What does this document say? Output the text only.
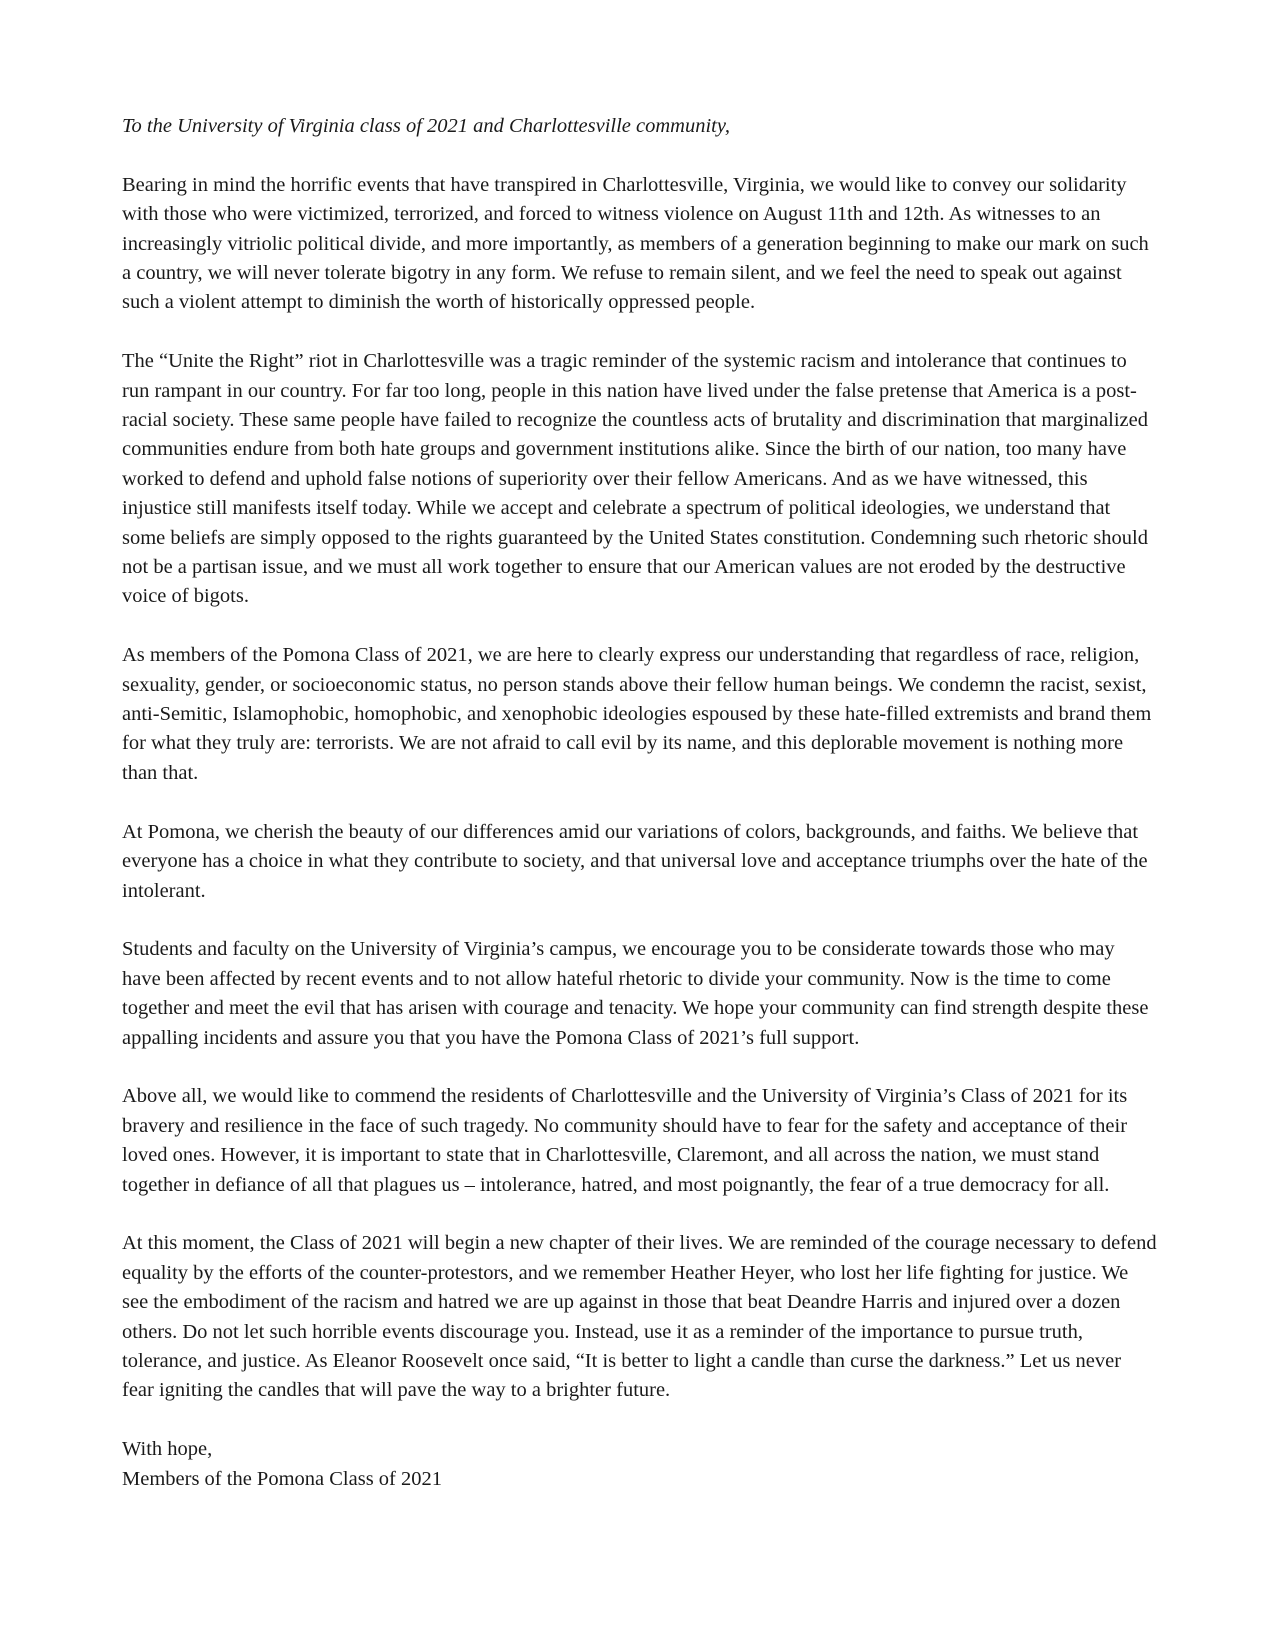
To the University of Virginia class of 2021 and Charlottesville community,

Bearing in mind the horrific events that have transpired in Charlottesville, Virginia, we would like to convey our solidarity with those who were victimized, terrorized, and forced to witness violence on August 11th and 12th. As witnesses to an increasingly vitriolic political divide, and more importantly, as members of a generation beginning to make our mark on such a country, we will never tolerate bigotry in any form. We refuse to remain silent, and we feel the need to speak out against such a violent attempt to diminish the worth of historically oppressed people.

The “Unite the Right” riot in Charlottesville was a tragic reminder of the systemic racism and intolerance that continues to run rampant in our country. For far too long, people in this nation have lived under the false pretense that America is a post-racial society. These same people have failed to recognize the countless acts of brutality and discrimination that marginalized communities endure from both hate groups and government institutions alike. Since the birth of our nation, too many have worked to defend and uphold false notions of superiority over their fellow Americans. And as we have witnessed, this injustice still manifests itself today. While we accept and celebrate a spectrum of political ideologies, we understand that some beliefs are simply opposed to the rights guaranteed by the United States constitution. Condemning such rhetoric should not be a partisan issue, and we must all work together to ensure that our American values are not eroded by the destructive voice of bigots.

As members of the Pomona Class of 2021, we are here to clearly express our understanding that regardless of race, religion, sexuality, gender, or socioeconomic status, no person stands above their fellow human beings. We condemn the racist, sexist, anti-Semitic, Islamophobic, homophobic, and xenophobic ideologies espoused by these hate-filled extremists and brand them for what they truly are: terrorists. We are not afraid to call evil by its name, and this deplorable movement is nothing more than that.

At Pomona, we cherish the beauty of our differences amid our variations of colors, backgrounds, and faiths. We believe that everyone has a choice in what they contribute to society, and that universal love and acceptance triumphs over the hate of the intolerant.

Students and faculty on the University of Virginia’s campus, we encourage you to be considerate towards those who may have been affected by recent events and to not allow hateful rhetoric to divide your community. Now is the time to come together and meet the evil that has arisen with courage and tenacity. We hope your community can find strength despite these appalling incidents and assure you that you have the Pomona Class of 2021’s full support.

Above all, we would like to commend the residents of Charlottesville and the University of Virginia’s Class of 2021 for its bravery and resilience in the face of such tragedy. No community should have to fear for the safety and acceptance of their loved ones. However, it is important to state that in Charlottesville, Claremont, and all across the nation, we must stand together in defiance of all that plagues us – intolerance, hatred, and most poignantly, the fear of a true democracy for all.

At this moment, the Class of 2021 will begin a new chapter of their lives. We are reminded of the courage necessary to defend equality by the efforts of the counter-protestors, and we remember Heather Heyer, who lost her life fighting for justice. We see the embodiment of the racism and hatred we are up against in those that beat Deandre Harris and injured over a dozen others. Do not let such horrible events discourage you. Instead, use it as a reminder of the importance to pursue truth, tolerance, and justice. As Eleanor Roosevelt once said, “It is better to light a candle than curse the darkness.” Let us never fear igniting the candles that will pave the way to a brighter future.

With hope,

Members of the Pomona Class of 2021
